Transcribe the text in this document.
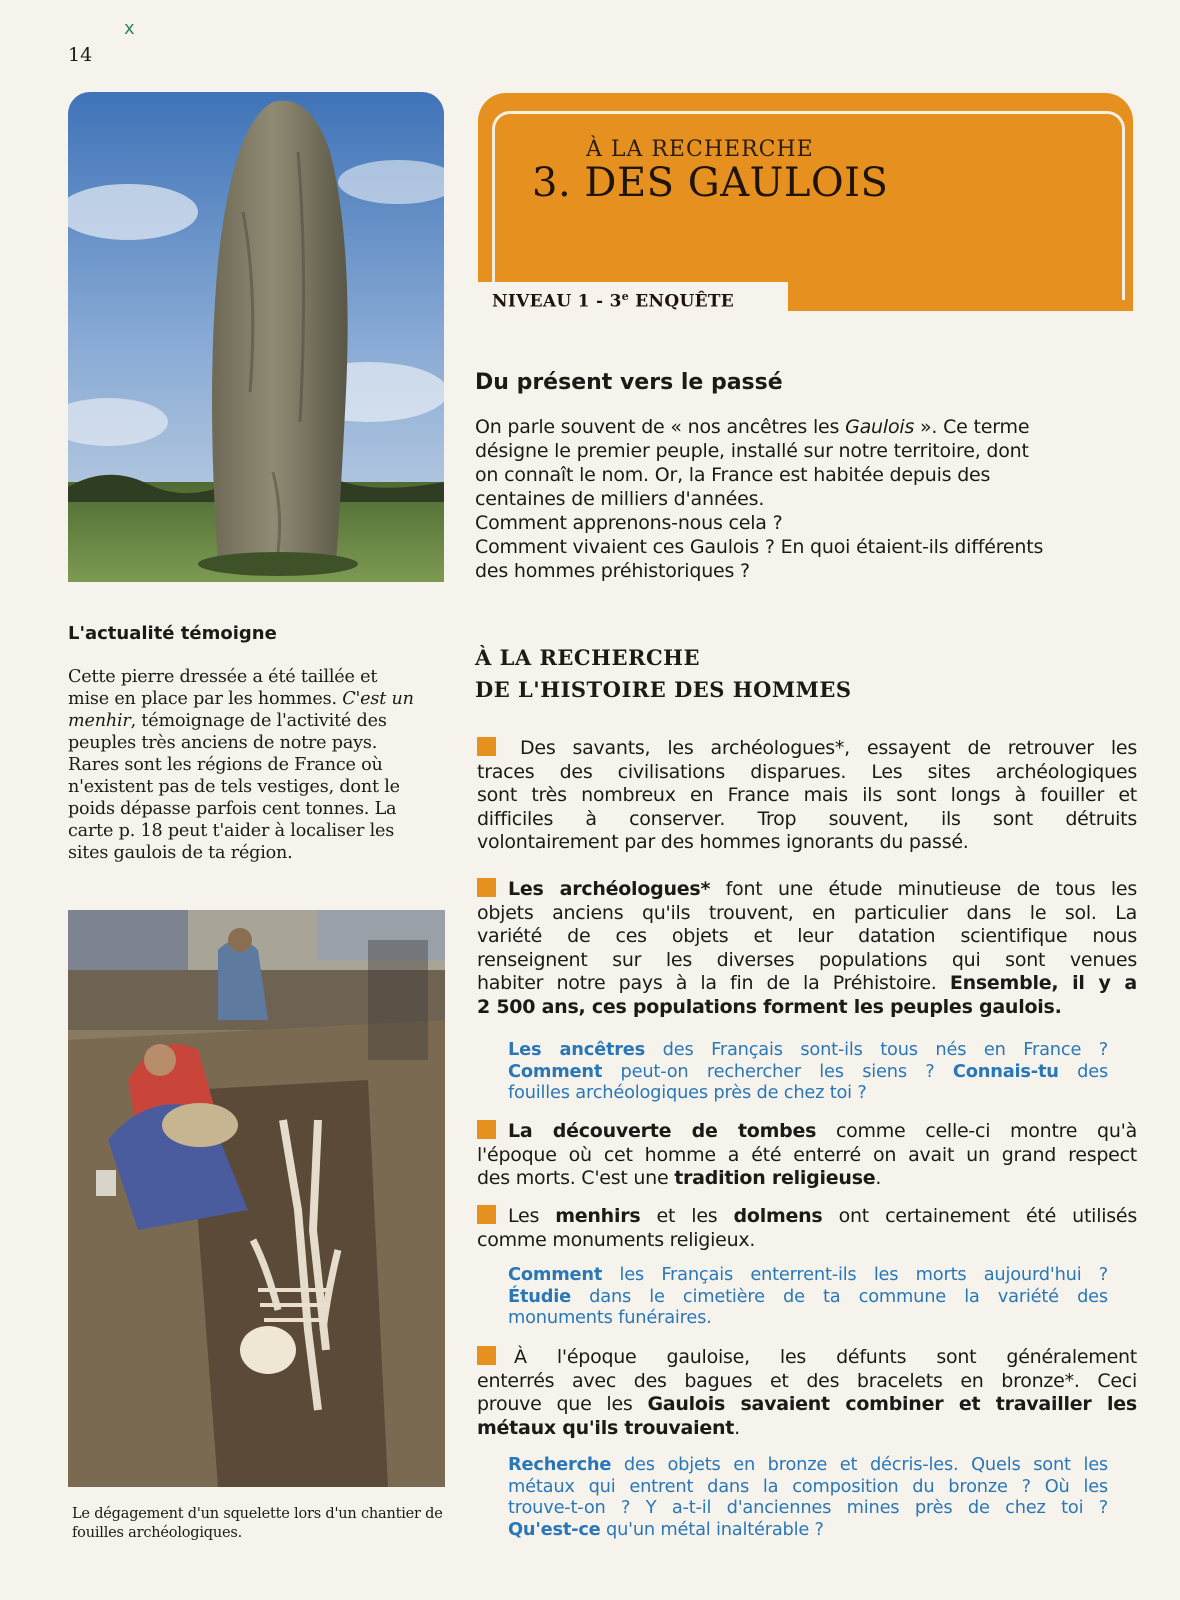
14
x
L'actualité témoigne
Cette pierre dressée a été taillée et
mise en place par les hommes. C'est un
menhir, témoignage de l'activité des
peuples très anciens de notre pays.
Rares sont les régions de France où
n'existent pas de tels vestiges, dont le
poids dépasse parfois cent tonnes. La
carte p. 18 peut t'aider à localiser les
sites gaulois de ta région.
Le dégagement d'un squelette lors d'un chantier de
fouilles archéologiques.
À LA RECHERCHE
3. DES GAULOIS
NIVEAU 1 - 3e ENQUÊTE
Du présent vers le passé
On parle souvent de « nos ancêtres les Gaulois ». Ce terme
désigne le premier peuple, installé sur notre territoire, dont
on connaît le nom. Or, la France est habitée depuis des
centaines de milliers d'années.
Comment apprenons-nous cela ?
Comment vivaient ces Gaulois ? En quoi étaient-ils différents
des hommes préhistoriques ?
À LA RECHERCHE
DE L'HISTOIRE DES HOMMES
Des savants, les archéologues*, essayent de retrouver les
traces des civilisations disparues. Les sites archéologiques
sont très nombreux en France mais ils sont longs à fouiller et
difficiles à conserver. Trop souvent, ils sont détruits
volontairement par des hommes ignorants du passé.
Les archéologues* font une étude minutieuse de tous les
objets anciens qu'ils trouvent, en particulier dans le sol. La
variété de ces objets et leur datation scientifique nous
renseignent sur les diverses populations qui sont venues
habiter notre pays à la fin de la Préhistoire. Ensemble, il y a
2 500 ans, ces populations forment les peuples gaulois.
Les ancêtres des Français sont-ils tous nés en France ?
Comment peut-on rechercher les siens ? Connais-tu des
fouilles archéologiques près de chez toi ?
La découverte de tombes comme celle-ci montre qu'à
l'époque où cet homme a été enterré on avait un grand respect
des morts. C'est une tradition religieuse.
Les menhirs et les dolmens ont certainement été utilisés
comme monuments religieux.
Comment les Français enterrent-ils les morts aujourd'hui ?
Étudie dans le cimetière de ta commune la variété des
monuments funéraires.
À l'époque gauloise, les défunts sont généralement
enterrés avec des bagues et des bracelets en bronze*. Ceci
prouve que les Gaulois savaient combiner et travailler les
métaux qu'ils trouvaient.
Recherche des objets en bronze et décris-les. Quels sont les
métaux qui entrent dans la composition du bronze ? Où les
trouve-t-on ? Y a-t-il d'anciennes mines près de chez toi ?
Qu'est-ce qu'un métal inaltérable ?
